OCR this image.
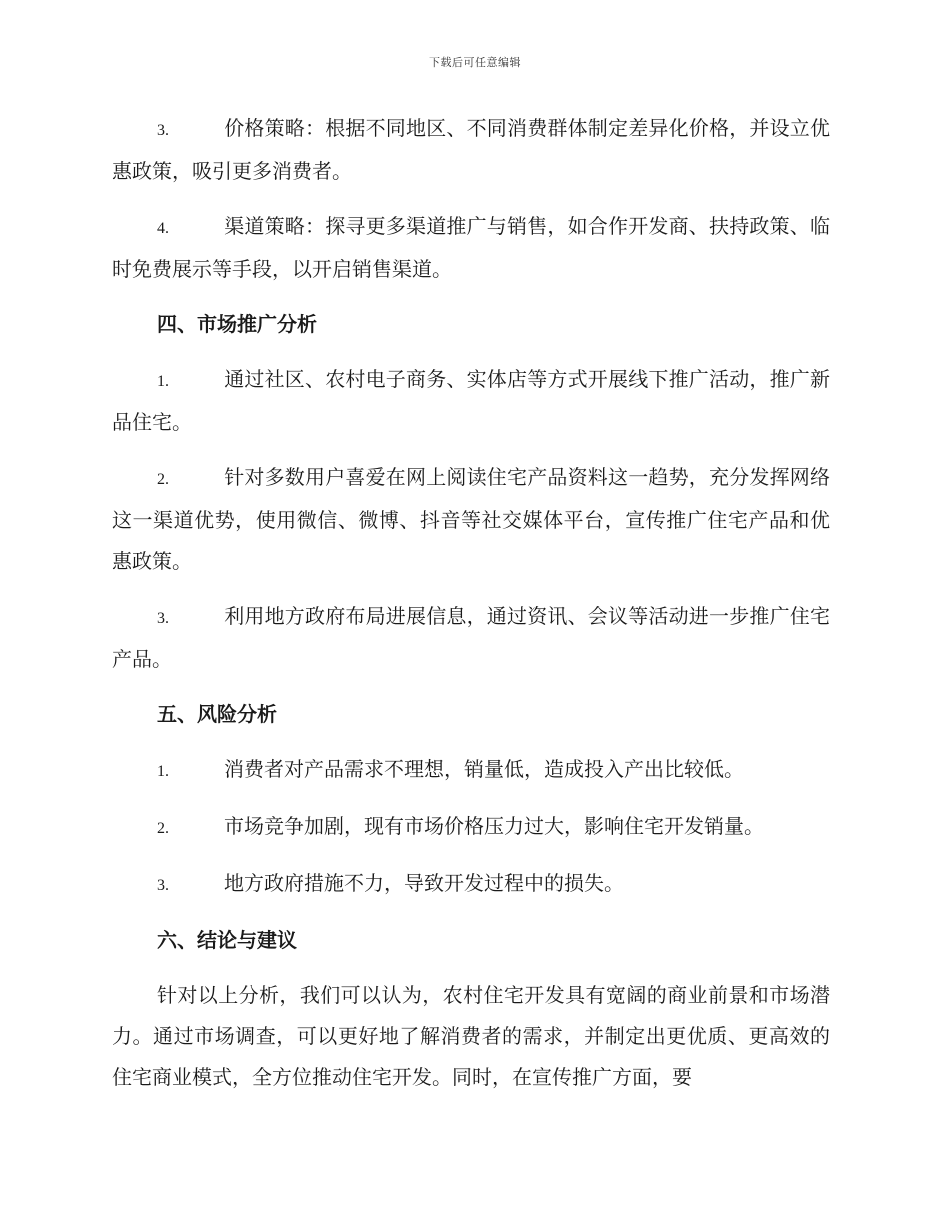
下载后可任意编辑

3.	价格策略：根据不同地区、不同消费群体制定差异化价格，并设立优惠政策，吸引更多消费者。

4.	渠道策略：探寻更多渠道推广与销售，如合作开发商、扶持政策、临时免费展示等手段，以开启销售渠道。

四、市场推广分析

1.	通过社区、农村电子商务、实体店等方式开展线下推广活动，推广新品住宅。

2.	针对多数用户喜爱在网上阅读住宅产品资料这一趋势，充分发挥网络这一渠道优势，使用微信、微博、抖音等社交媒体平台，宣传推广住宅产品和优惠政策。

3.	利用地方政府布局进展信息，通过资讯、会议等活动进一步推广住宅产品。

五、风险分析

1.	消费者对产品需求不理想，销量低，造成投入产出比较低。

2.	市场竞争加剧，现有市场价格压力过大，影响住宅开发销量。

3.	地方政府措施不力，导致开发过程中的损失。

六、结论与建议

针对以上分析，我们可以认为，农村住宅开发具有宽阔的商业前景和市场潜力。通过市场调查，可以更好地了解消费者的需求，并制定出更优质、更高效的住宅商业模式，全方位推动住宅开发。同时，在宣传推广方面，要
